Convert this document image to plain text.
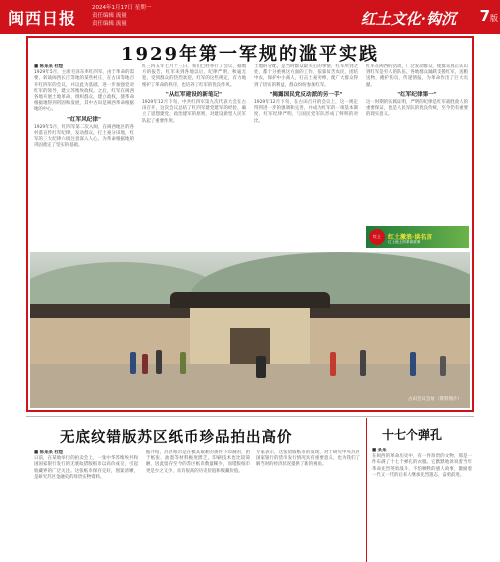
闽西日报
2024年1月17日 星期一
责任编辑 流量
责任编辑 流量	红土文化·钩沉 7 版
1929年第一军规的滥平实践
■ 陈某某 杜煜
1929年5月，主席毛泽东率红四军，由于革命的需要，转战闽西长汀等地的某些村庄，在古田等地召开红四军的会议，并以此为基础，进一步加强党对红军的领导，建立苏维埃政权。之后，红军在闽西各地开展土地革命，组织群众，建立政权，使革命根据地得到巩固和发展，其中古田是闽西革命根据地的中心。
"红军风纪律"
1929年5月，红四军第二次入闽，在闽西地区的各村落宣传红军纪律，发动群众，打土豪分田地，红军的三大纪律六项注意深入人心，为革命根据地的巩固奠定了坚实的基础。
红三四五年七月十三日，我们已经举行了会议，据地方的报告，红军来到各地以后，纪律严明，秋毫无犯，受到群众的热烈欢迎。红军的这些规定，有力地维护了革命的秩序，也培养了红军的优良作风。
"从红军建设的新笔记"
1929年12月下旬，中共红四军第九次代表大会在古田召开，这次会议总结了红四军建党建军的经验，确立了思想建党、政治建军的原则，对建设新型人民军队起了重要作用。
土地的分配，是当时群众最关心的事情，红军所到之处，都十分重视这方面的工作，依靠贫苦农民，团结中农，保护中小商人，打击土豪劣绅，使广大群众得到了切实的利益，群众纷纷参加红军。
"揭露国民党反动派的另一手"
1929年12月下旬，在古田召开的会议上，这一规定得到进一步的强调和完善，并成为红军的一项基本制度，红军纪律严明，与国民党军队形成了鲜明的对比。
红军在闽西的活动，广泛发动群众，使群众真正认识到红军是穷人的队伍，各地群众踊跃支援红军，送粮送物，掩护伤员，传递情报，为革命作出了巨大贡献。
"红军纪律第一"
这一时期的实践证明，严明的纪律是红军战胜敌人的重要保证，也是人民军队的优良传统，至今仍有重要的现实意义。
红土	红土激浪·读名言
红土地上的革命故事
古田会议会址（资料图片）
无底纹错版苏区纸币珍品拍出高价
■ 陈某某 杜煜
日前，在某地举行的拍卖会上，一张中华苏维埃共和国国家银行发行的无底纹错版纸币以高价成交，引起收藏界的广泛关注。这张纸币保存完好，图案清晰，是研究苏区金融史的珍贵实物资料。
据介绍，苏区纸币是在极其艰难的条件下印制的，由于纸张、油墨等材料极度匮乏，印刷技术也比较简陋，因此留存至今的苏区纸币数量稀少，而错版纸币更是少之又少，具有很高的历史价值和收藏价值。
专家表示，这张错版纸币的发现，对于研究中央苏区国家银行的货币发行情况具有重要意义，也为我们了解当时的经济状况提供了新的视角。
十七个弹孔
■ 某某
在闽西的革命历史中，有一件珍贵的文物，那是一件布满了十七个弹孔的衣服。它默默地诉说着当年革命先烈英勇战斗、不怕牺牲的感人故事，激励着一代又一代的后来人继承先烈遗志，奋勇前进。
